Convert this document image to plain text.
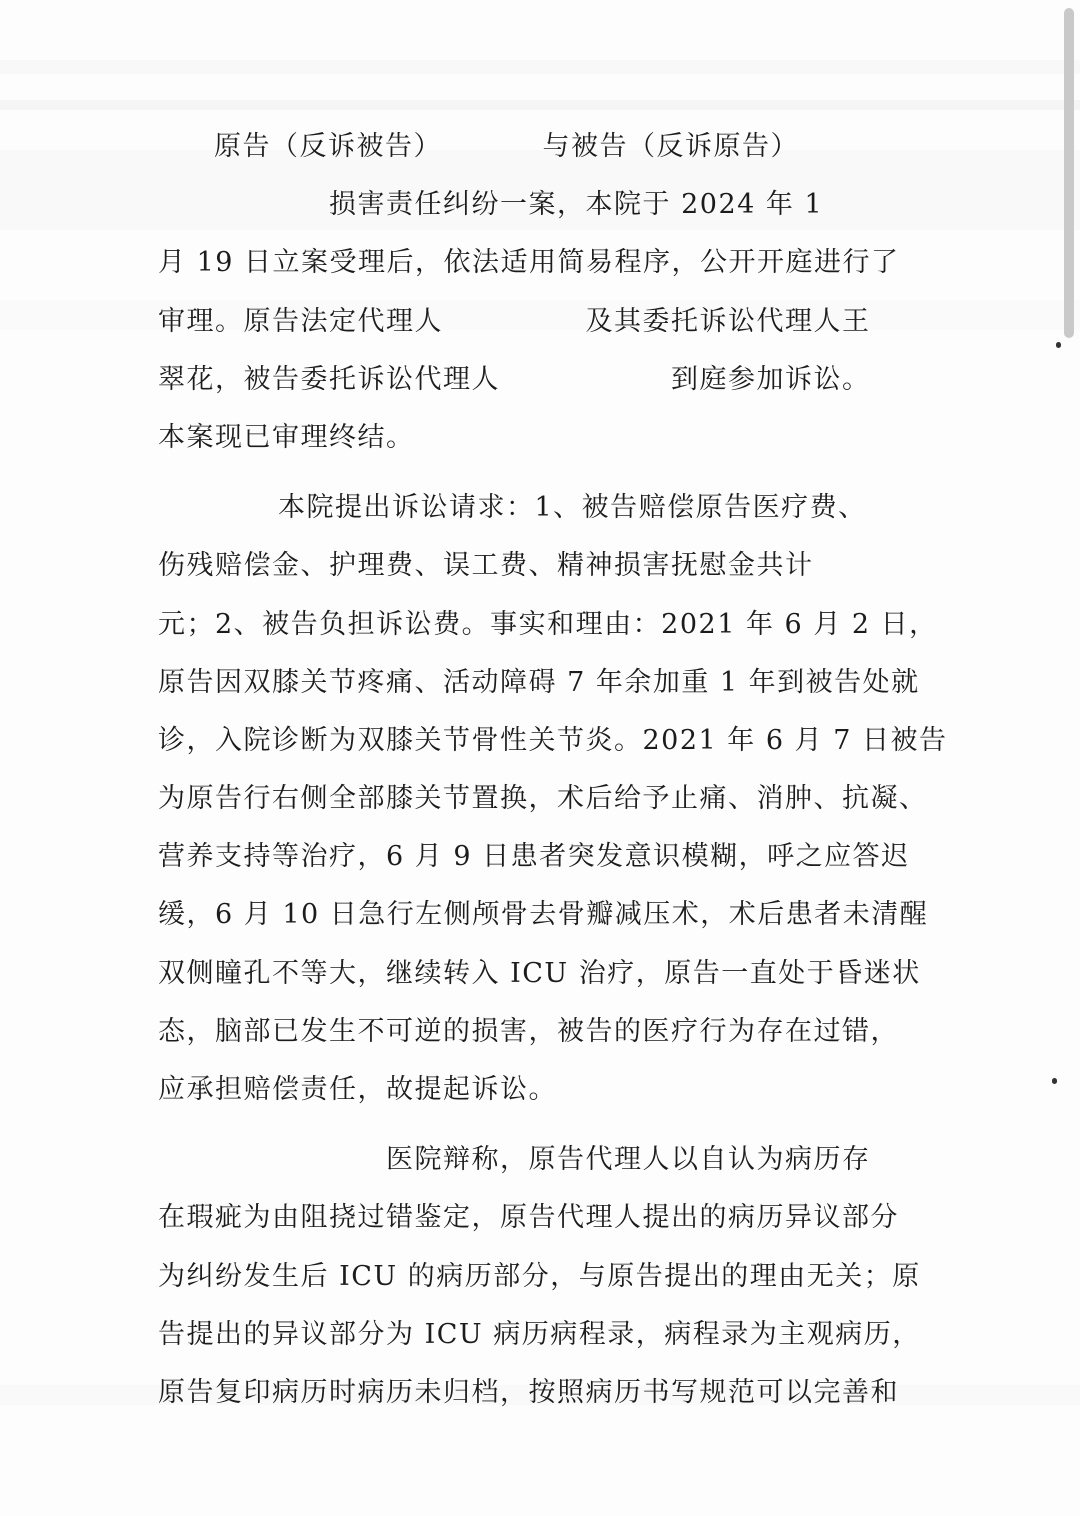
原告（反诉被告）　　　　与被告（反诉原告）
　　　　　　损害责任纠纷一案，本院于 2024 年 1
月 19 日立案受理后，依法适用简易程序，公开开庭进行了
审理。原告法定代理人　　　　　及其委托诉讼代理人王
翠花，被告委托诉讼代理人　　　　　　到庭参加诉讼。
本案现已审理终结。
本院提出诉讼请求：1、被告赔偿原告医疗费、
伤残赔偿金、护理费、误工费、精神损害抚慰金共计
元；2、被告负担诉讼费。事实和理由：2021 年 6 月 2 日，
原告因双膝关节疼痛、活动障碍 7 年余加重 1 年到被告处就
诊，入院诊断为双膝关节骨性关节炎。2021 年 6 月 7 日被告
为原告行右侧全部膝关节置换，术后给予止痛、消肿、抗凝、
营养支持等治疗，6 月 9 日患者突发意识模糊，呼之应答迟
缓，6 月 10 日急行左侧颅骨去骨瓣减压术，术后患者未清醒
双侧瞳孔不等大，继续转入 ICU 治疗，原告一直处于昏迷状
态，脑部已发生不可逆的损害，被告的医疗行为存在过错，
应承担赔偿责任，故提起诉讼。
医院辩称，原告代理人以自认为病历存
在瑕疵为由阻挠过错鉴定，原告代理人提出的病历异议部分
为纠纷发生后 ICU 的病历部分，与原告提出的理由无关；原
告提出的异议部分为 ICU 病历病程录，病程录为主观病历，
原告复印病历时病历未归档，按照病历书写规范可以完善和
